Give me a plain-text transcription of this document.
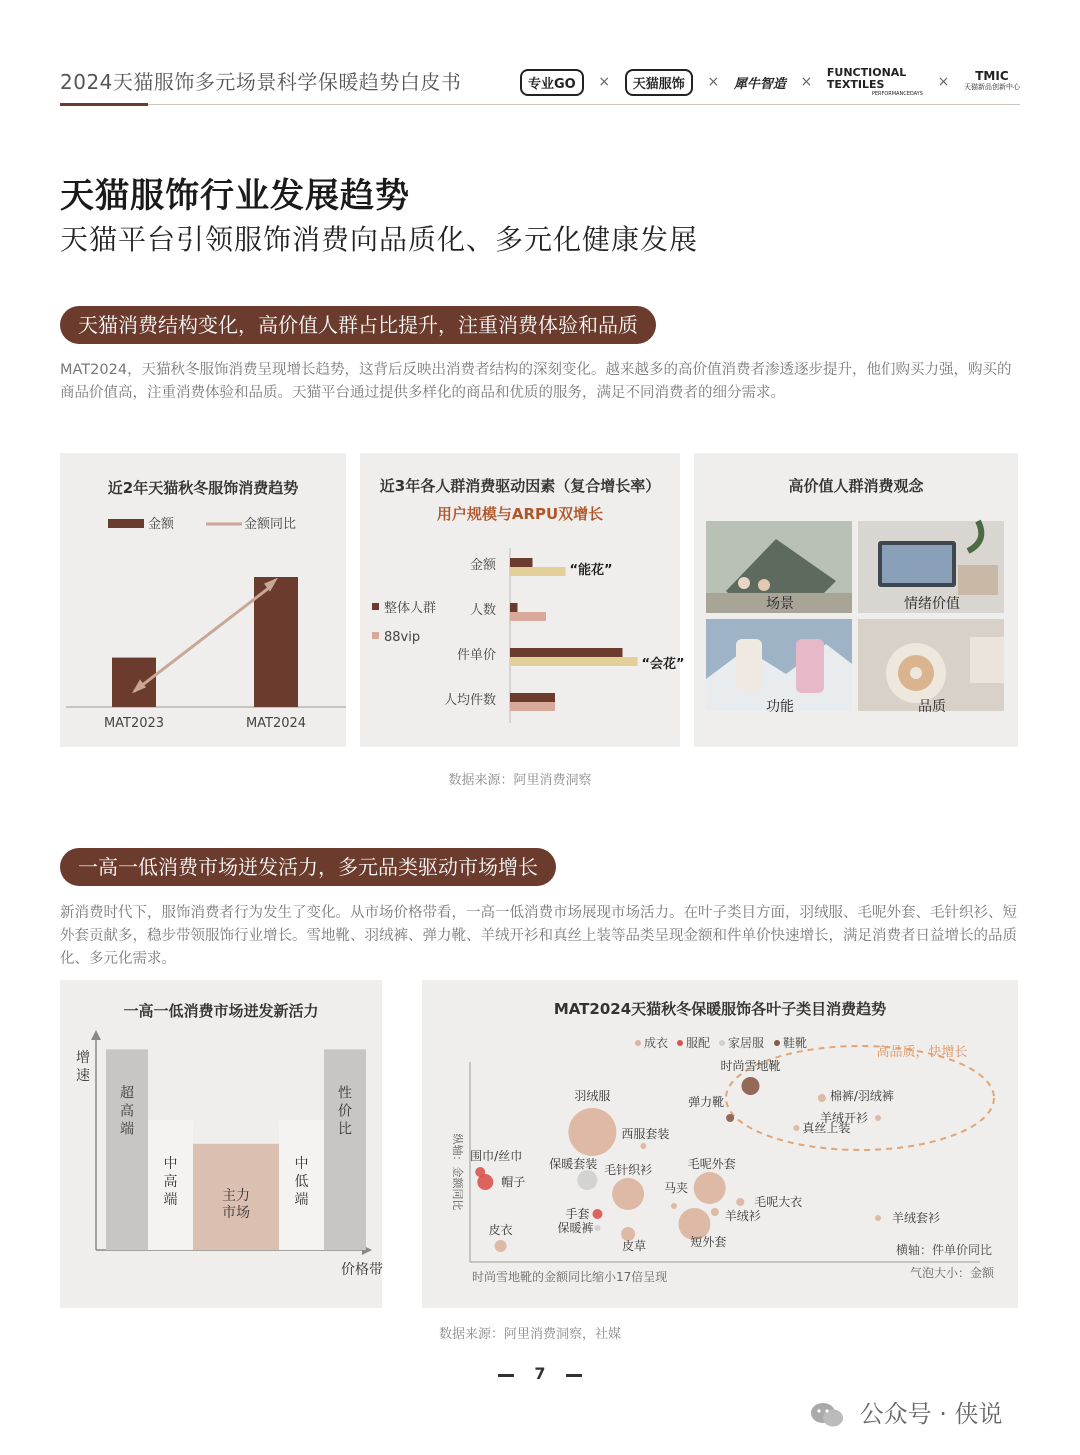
2024天猫服饰多元场景科学保暖趋势白皮书	专业GO	×	天猫服饰	× 犀牛智造 ×
FUNCTIONAL TEXTILES
PERFORMANCEDAYS
×	TMIC
天猫新品创新中心
天猫服饰行业发展趋势
天猫平台引领服饰消费向品质化、多元化健康发展
天猫消费结构变化，高价值人群占比提升，注重消费体验和品质
MAT2024，天猫秋冬服饰消费呈现增长趋势，这背后反映出消费者结构的深刻变化。越来越多的高价值消费者渗透逐步提升，他们购买力强，购买的商品价值高，注重消费体验和品质。天猫平台通过提供多样化的商品和优质的服务，满足不同消费者的细分需求。
近2年天猫秋冬服饰消费趋势
金额	金额同比
MAT2023	MAT2024
近3年各人群消费驱动因素（复合增长率）
用户规模与ARPU双增长
整体人群
88vip
金额
人数
件单价
人均件数
“能花”
“会花”
高价值人群消费观念
场景	情绪价值
功能	品质
数据来源：阿里消费洞察
一高一低消费市场迸发活力，多元品类驱动市场增长
新消费时代下，服饰消费者行为发生了变化。从市场价格带看，一高一低消费市场展现市场活力。在叶子类目方面，羽绒服、毛呢外套、毛针织衫、短外套贡献多，稳步带领服饰行业增长。雪地靴、羽绒裤、弹力靴、羊绒开衫和真丝上装等品类呈现金额和件单价快速增长，满足消费者日益增长的品质化、多元化需求。
一高一低消费市场迸发新活力
增
速
价格带
超
高
端
中
高
端	主力
市场
中
低
端
性
价
比
MAT2024天猫秋冬保暖服饰各叶子类目消费趋势
成衣 服配 家居服 鞋靴
纵轴：金额同比
横轴：件单价同比
气泡大小：金额
时尚雪地靴的金额同比缩小17倍呈现
高品质，快增长
时尚雪地靴
弹力靴	棉裤/羽绒裤
羊绒开衫
真丝上装
羽绒服
西服套装
毛呢外套
毛针织衫
保暖套装
围巾/丝巾
帽子	马夹
毛呢大衣
羊绒衫
短外套
手套
保暖裤
皮草
皮衣
羊绒套衫
数据来源：阿里消费洞察，社媒
7
公众号 · 侠说
